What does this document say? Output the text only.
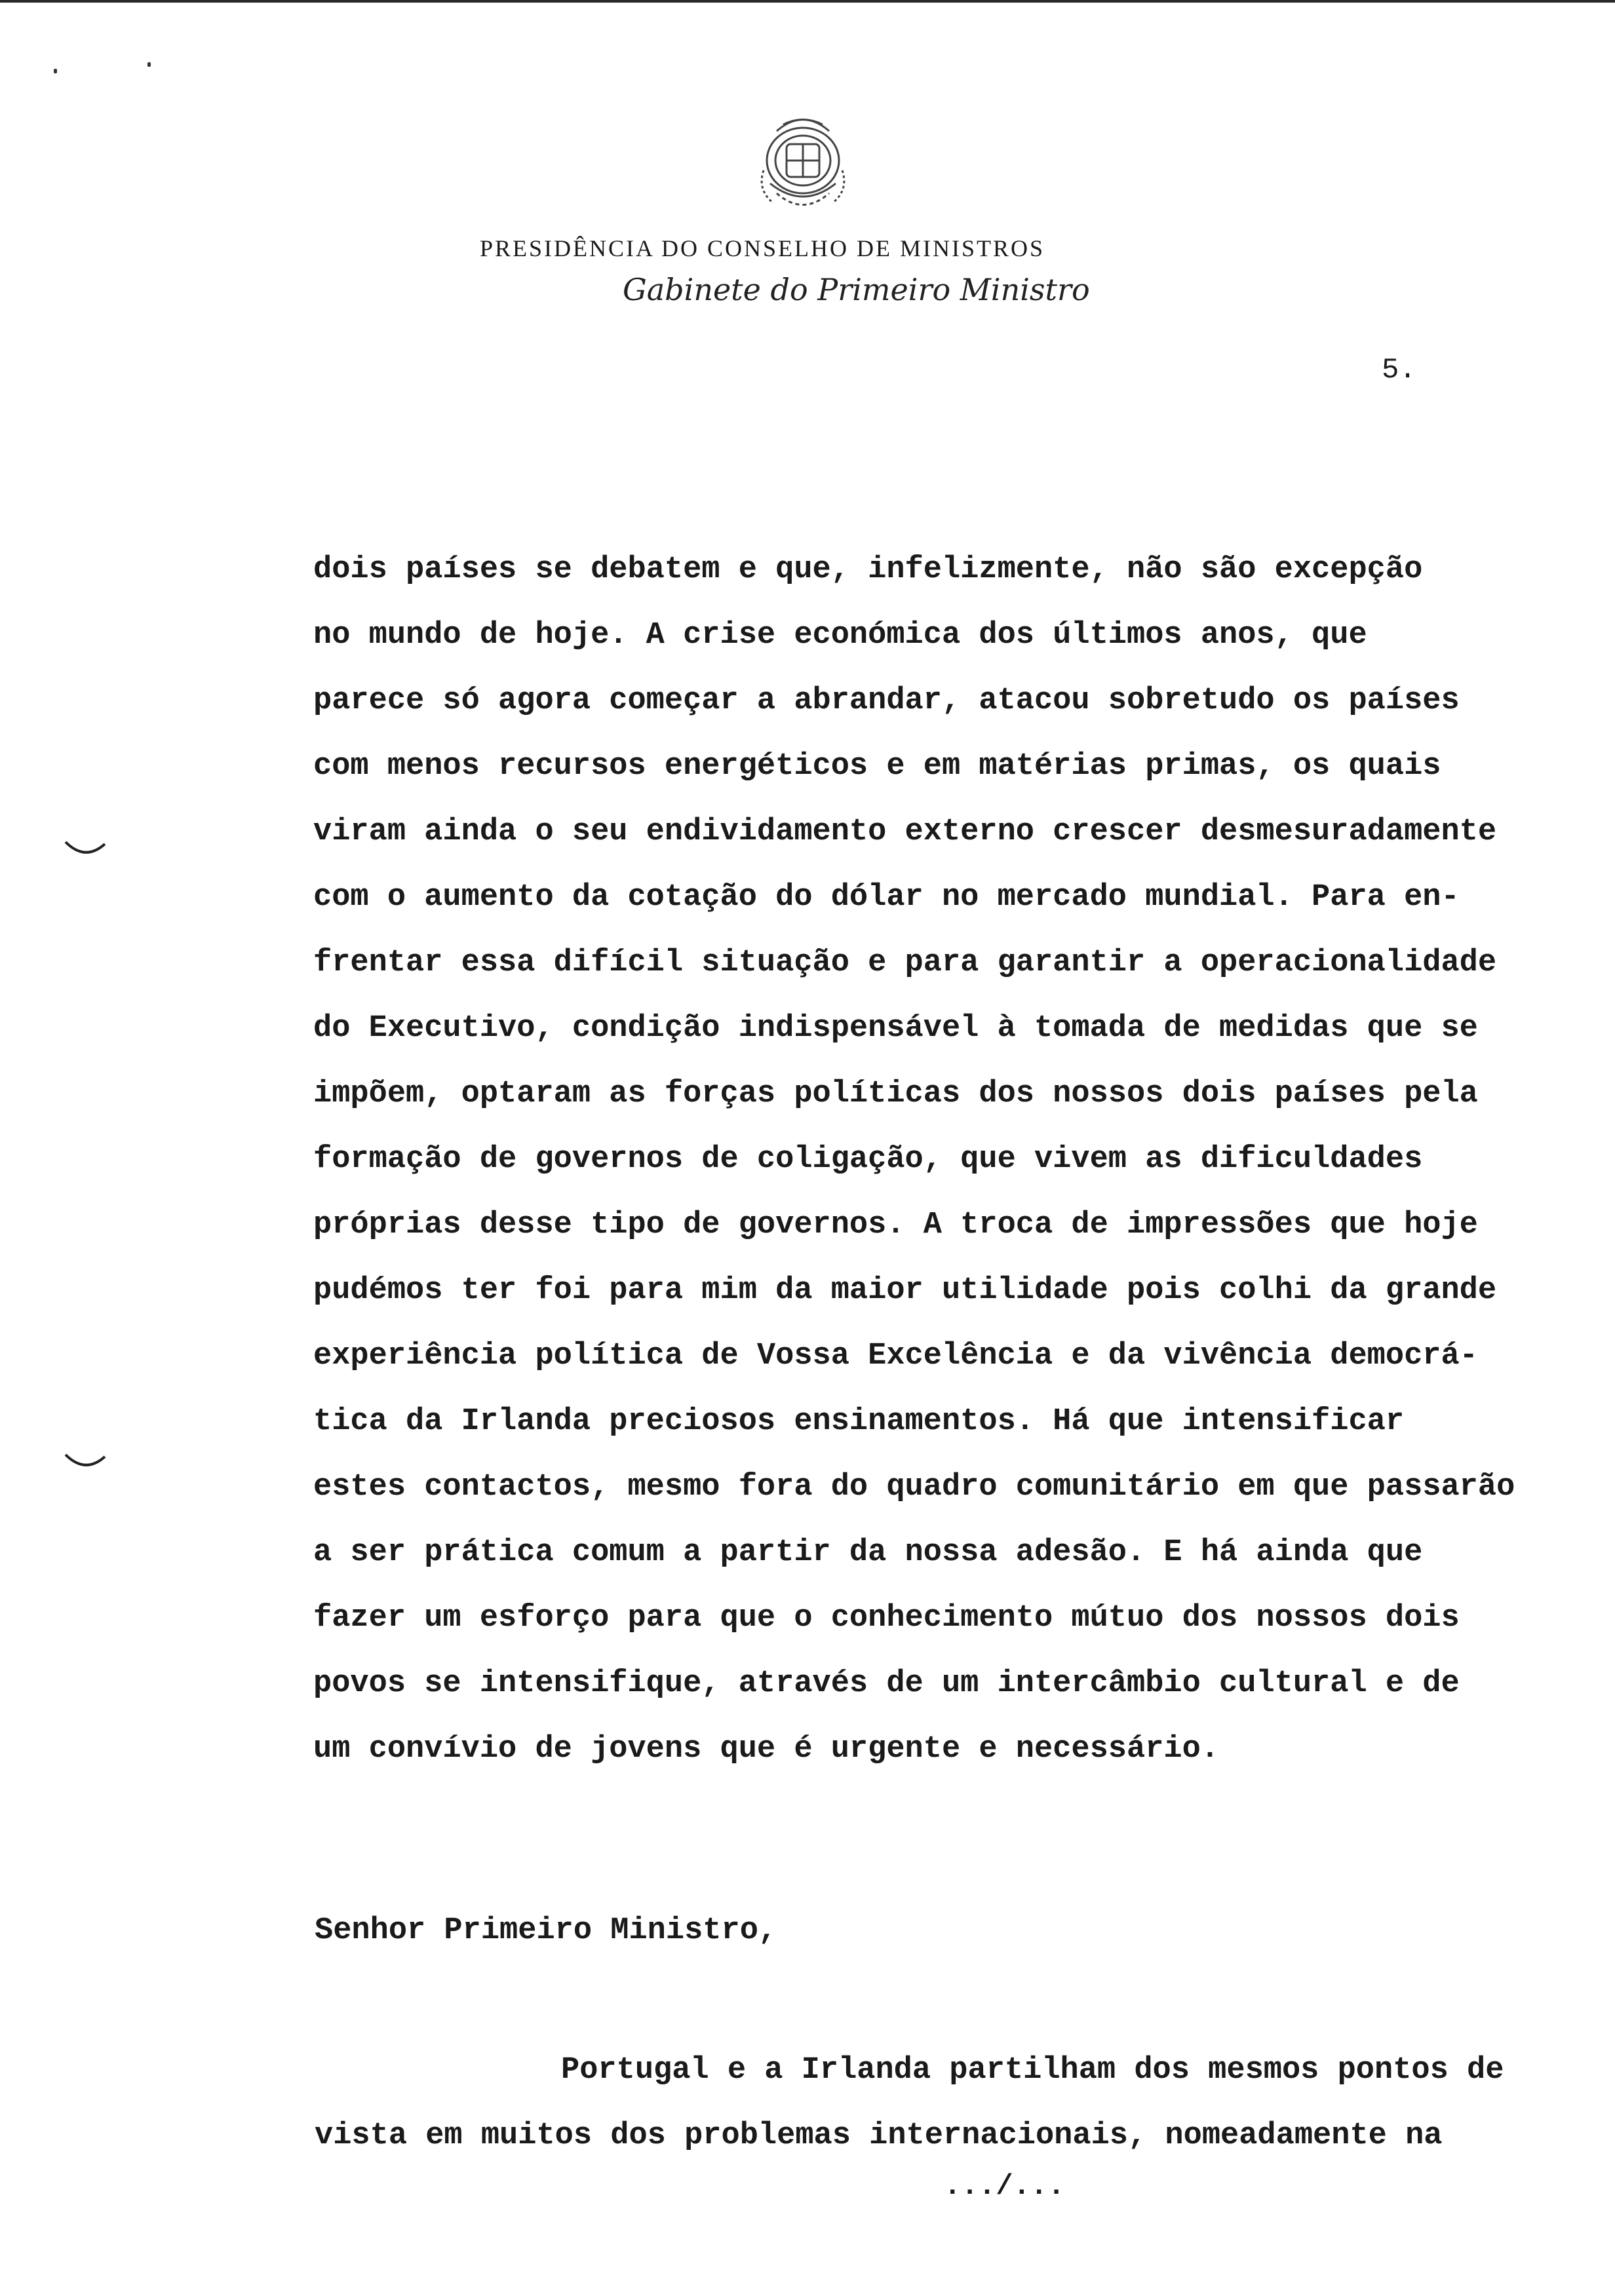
PRESIDÊNCIA DO CONSELHO DE MINISTROS
Gabinete do Primeiro Ministro
5.
dois países se debatem e que, infelizmente, não são excepção
no mundo de hoje. A crise económica dos últimos anos, que
parece só agora começar a abrandar, atacou sobretudo os países
com menos recursos energéticos e em matérias primas, os quais
viram ainda o seu endividamento externo crescer desmesuradamente
com o aumento da cotação do dólar no mercado mundial. Para en-
frentar essa difícil situação e para garantir a operacionalidade
do Executivo, condição indispensável à tomada de medidas que se
impõem, optaram as forças políticas dos nossos dois países pela
formação de governos de coligação, que vivem as dificuldades
próprias desse tipo de governos. A troca de impressões que hoje
pudémos ter foi para mim da maior utilidade pois colhi da grande
experiência política de Vossa Excelência e da vivência democrá-
tica da Irlanda preciosos ensinamentos. Há que intensificar
estes contactos, mesmo fora do quadro comunitário em que passarão
a ser prática comum a partir da nossa adesão. E há ainda que
fazer um esforço para que o conhecimento mútuo dos nossos dois
povos se intensifique, através de um intercâmbio cultural e de
um convívio de jovens que é urgente e necessário.
Senhor Primeiro Ministro,
Portugal e a Irlanda partilham dos mesmos pontos de
vista em muitos dos problemas internacionais, nomeadamente na
.../...
